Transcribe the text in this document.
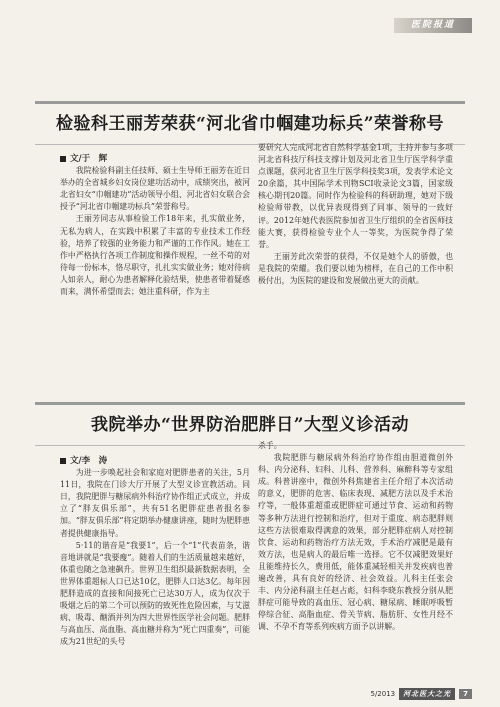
医院报道
检验科王丽芳荣获“河北省巾帼建功标兵”荣誉称号

文/于　辉

我院检验科副主任技师、硕士生导师王丽芳在近日举办的全省城乡妇女岗位建功活动中，成绩突出，被河北省妇女“巾帼建功”活动领导小组、河北省妇女联合会授予“河北省巾帼建功标兵”荣誉称号。

王丽芳同志从事检验工作18年来，扎实做业务，无私为病人，在实践中积累了丰富的专业技术工作经验，培养了较强的业务能力和严谨的工作作风。她在工作中严格执行各项工作制度和操作规程，一丝不苟的对待每一份标本，恪尽职守，扎扎实实做业务；她对待病人如亲人，耐心为患者解释化验结果，使患者带着疑惑而来，满怀希望而去；她注重科研，作为主

要研究人完成河北省自然科学基金1项，主持并参与多项河北省科技厅科技支撑计划及河北省卫生厅医学科学重点课题，获河北省卫生厅医学科技奖3项，发表学术论文20余篇，其中国际学术刊物SCI收录论文3篇，国家级核心期刊20篇。同时作为检验科的科研助理，她对下级检验师带教，以优异表现得到了同事、领导的一致好评。2012年她代表医院参加省卫生厅组织的全省医师技能大赛，获得检验专业个人一等奖，为医院争得了荣誉。

王丽芳此次荣誉的获得，不仅是她个人的骄傲，也是我院的荣耀。我们要以她为榜样，在自己的工作中积极付出，为医院的建设和发展做出更大的贡献。

我院举办“世界防治肥胖日”大型义诊活动

文/李　涛

为进一步唤起社会和家庭对肥胖患者的关注，5月11日，我院在门诊大厅开展了大型义诊宣教活动。同日，我院肥胖与糖尿病外科治疗协作组正式成立，并成立了“胖友俱乐部”，共有51名肥胖症患者报名参加。“胖友俱乐部”将定期举办健康讲座，随时为肥胖患者提供健康指导。

5·11的谐音是“我要1”，后一个“1”代表苗条，谐音地讲就是“我要瘦”。随着人们的生活质量越来越好，体重也随之急速飙升。世界卫生组织最新数据表明，全世界体重超标人口已达10亿，肥胖人口达3亿。每年因肥胖造成的直接和间接死亡已达30万人，成为仅次于吸烟之后的第二个可以预防的致死性危险因素，与艾滋病、吸毒、酗酒并列为四大世界性医学社会问题。肥胖与高血压、高血脂、高血糖并称为“死亡四重奏”，可能成为21世纪的头号

杀手。

我院肥胖与糖尿病外科治疗协作组由胆道微创外科、内分泌科、妇科、儿科、营养科、麻醉科等专家组成。科普讲座中，微创外科焦建省主任介绍了本次活动的意义，肥胖的危害、临床表现、减肥方法以及手术治疗等，一般体重超重或肥胖症可通过节食、运动和药物等多种方法进行控制和治疗，但对于重度、病态肥胖则这些方法很难取得满意的效果，部分肥胖症病人对控制饮食、运动和药物治疗方法无效，手术治疗减肥是最有效方法，也是病人的最后唯一选择。它不仅减肥效果好且能维持长久，费用低，能体重减轻相关并发疾病也普遍改善，具有良好的经济、社会效益。儿科主任张会丰、内分泌科副主任赵占彪，妇科李晓东教授分别从肥胖症可能导致的高血压、冠心病、糖尿病、睡眠呼吸暂停综合征、高脂血症、骨关节病、脂肪肝、女性月经不调、不孕不育等系列疾病方面予以讲解。

5/2013	河北医大之光	7
